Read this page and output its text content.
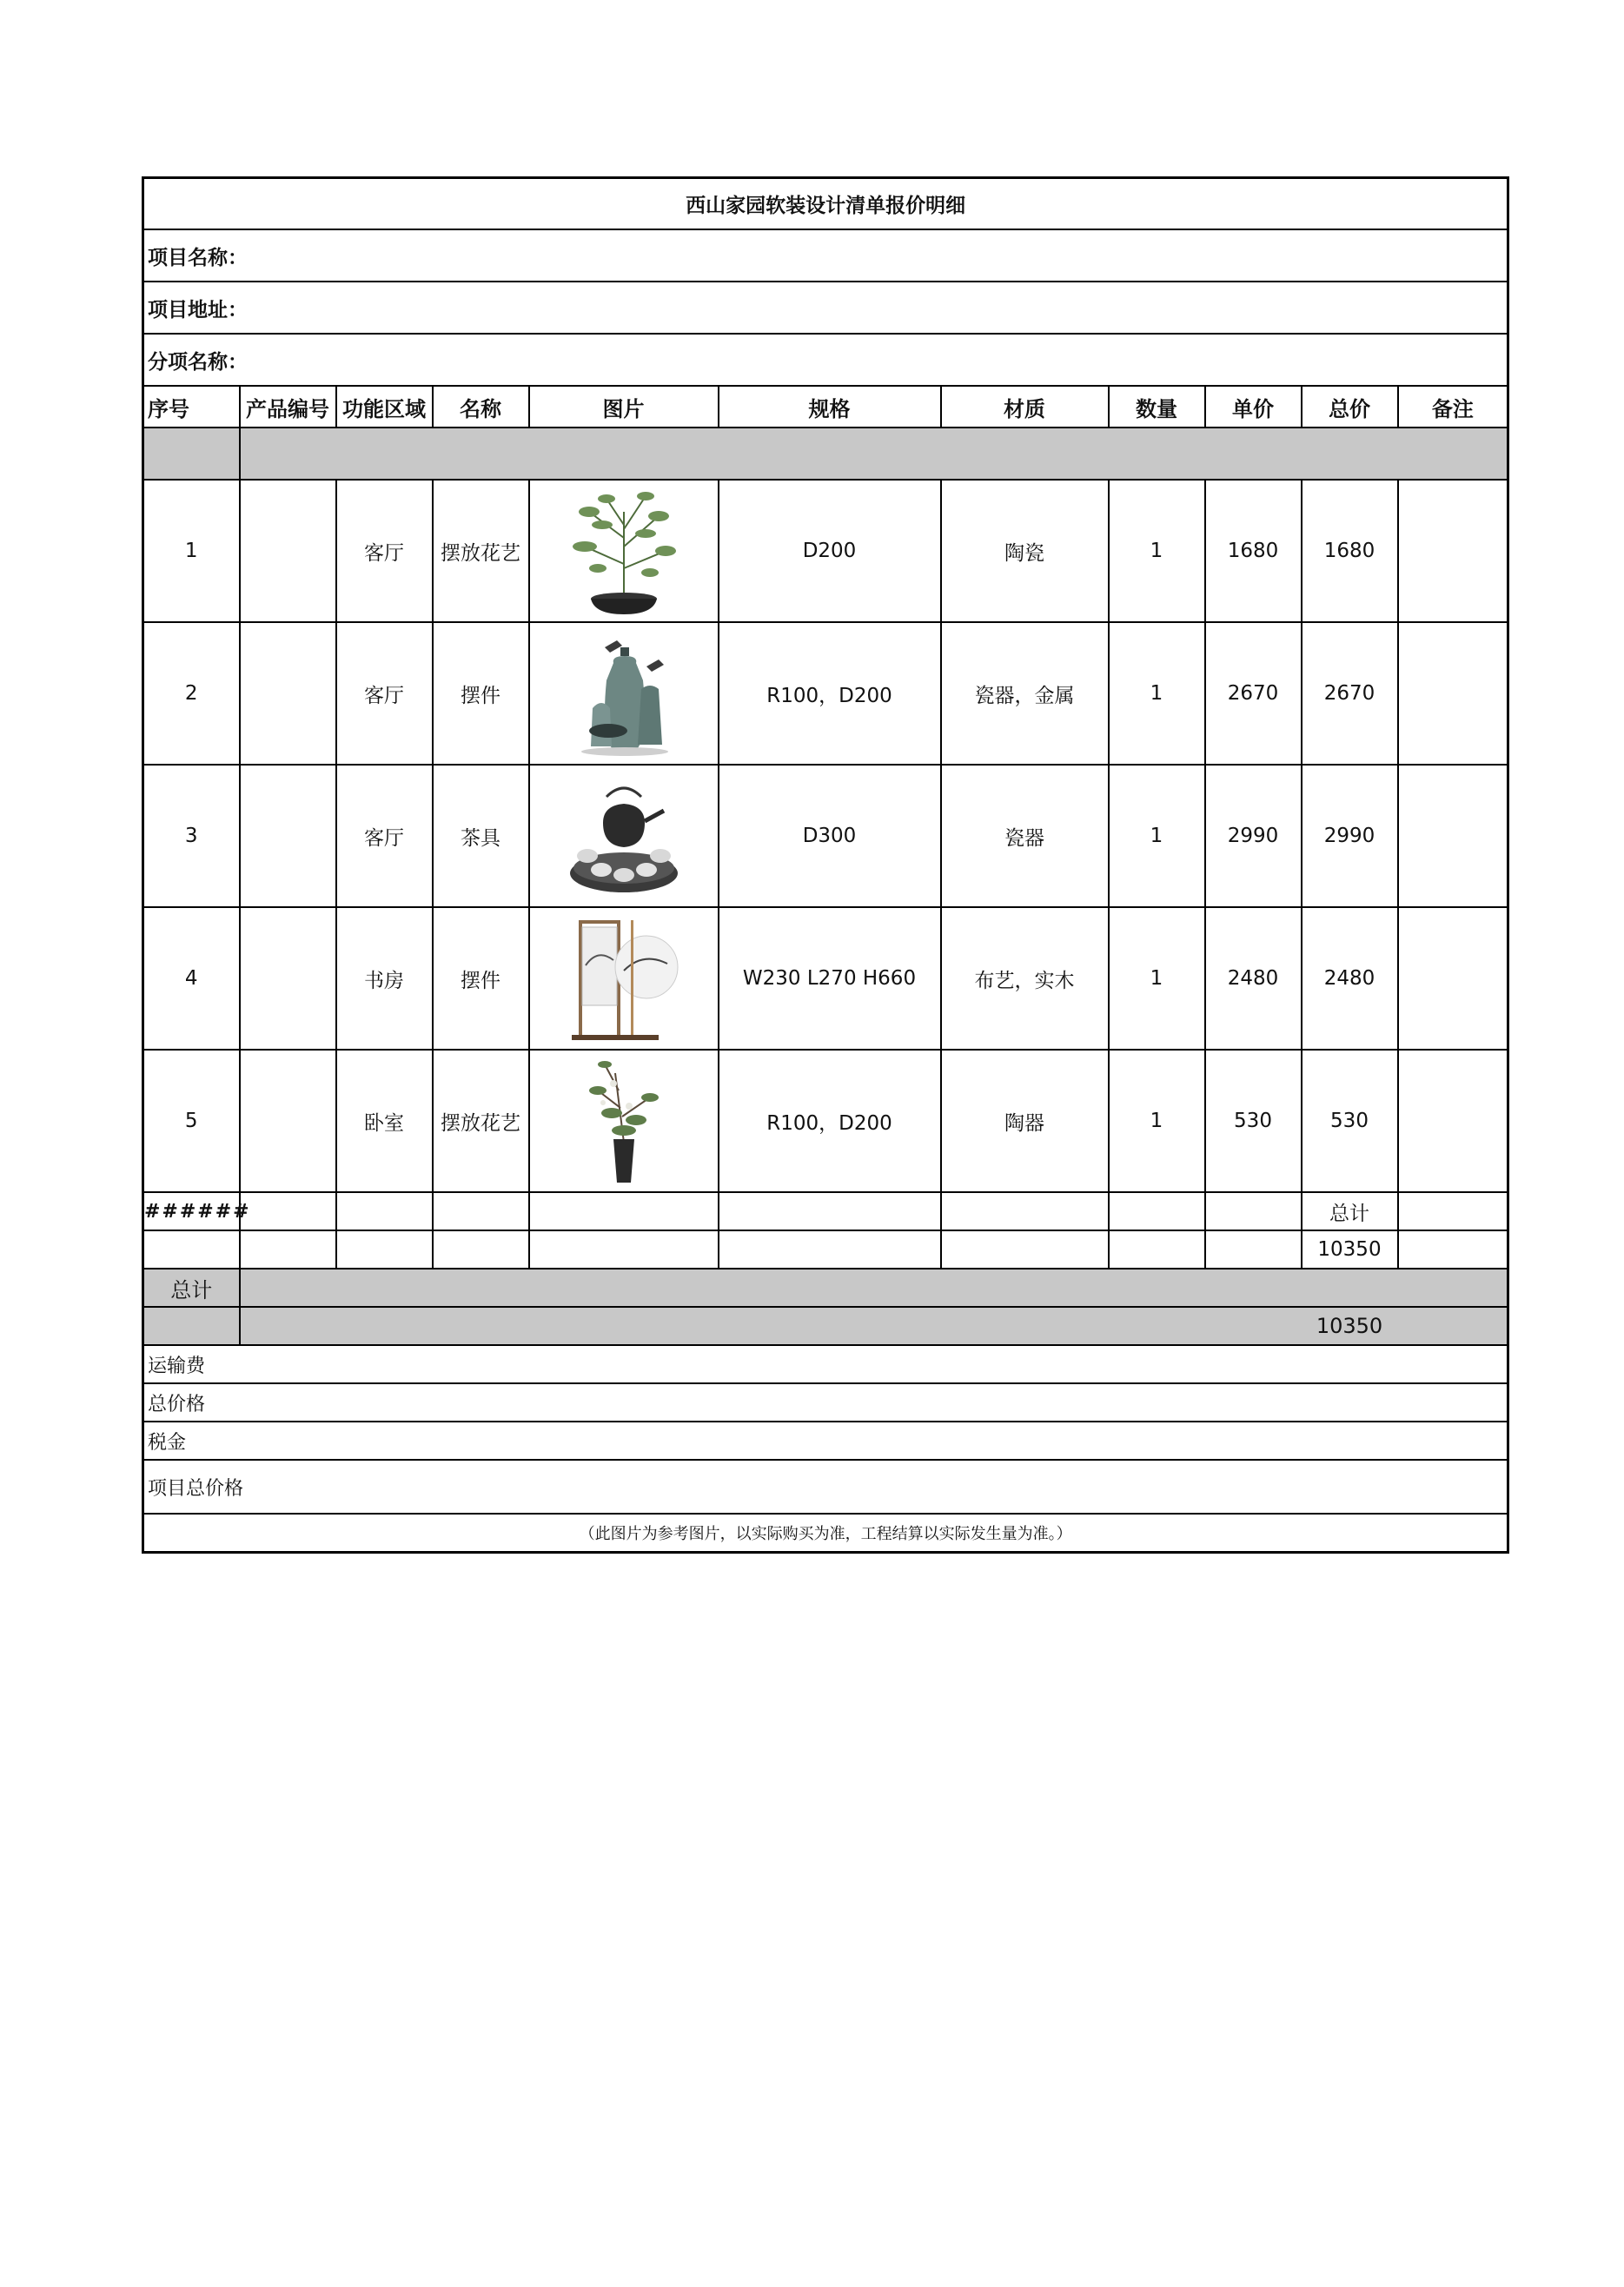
西山家园软装设计清单报价明细										
项目名称：										
项目地址：										
分项名称：										
序号	产品编号	功能区域	名称	图片	规格	材质	数量	单价	总价	备注

1		客厅	摆放花艺		D200	陶瓷	1	1680	1680	
2		客厅	摆件		R100，D200	瓷器，金属	1	2670	2670	
3		客厅	茶具		D300	瓷器	1	2990	2990	
4		书房	摆件		W230 L270 H660	布艺，实木	1	2480	2480	
5		卧室	摆放花艺		R100，D200	陶器	1	530	530	
######									总计	
									10350	
总计										
									10350	
运输费										
总价格										
税金										
项目总价格										
（此图片为参考图片，以实际购买为准，工程结算以实际发生量为准。）										
